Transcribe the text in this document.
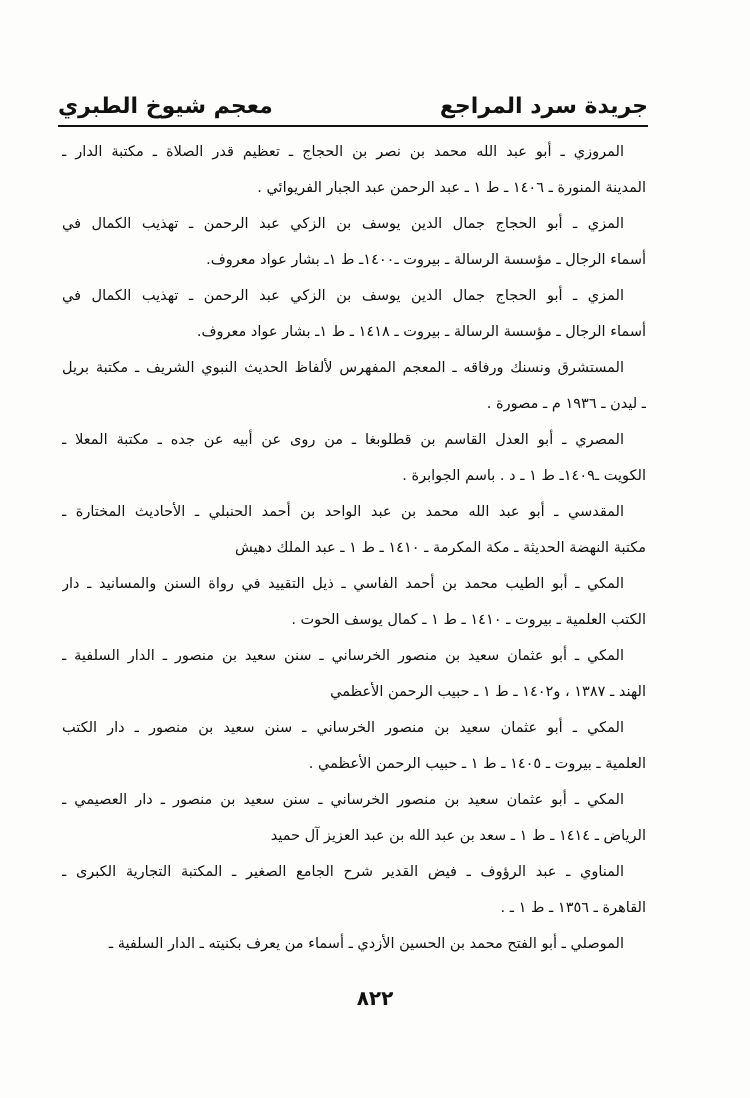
جريدة سرد المراجع
معجم شيوخ الطبري
المروزي ـ أبو عبد الله محمد بن نصر بن الحجاج ـ تعظيم قدر الصلاة ـ مكتبة الدار ـ
المدينة المنورة ـ ١٤٠٦ ـ ط ١ ـ عبد الرحمن عبد الجبار الفريوائي .
المزي ـ أبو الحجاج جمال الدين يوسف بن الزكي عبد الرحمن ـ تهذيب الكمال في
أسماء الرجال ـ مؤسسة الرسالة ـ بيروت ـ١٤٠٠ـ ط ١ـ بشار عواد معروف.
المزي ـ أبو الحجاج جمال الدين يوسف بن الزكي عبد الرحمن ـ تهذيب الكمال في
أسماء الرجال ـ مؤسسة الرسالة ـ بيروت ـ ١٤١٨ ـ ط ١ـ بشار عواد معروف.
المستشرق ونسنك ورفاقه ـ المعجم المفهرس لألفاظ الحديث النبوي الشريف ـ مكتبة بريل
ـ ليدن ـ ١٩٣٦ م ـ مصورة .
المصري ـ أبو العدل القاسم بن قطلوبغا ـ من روى عن أبيه عن جده ـ مكتبة المعلا ـ
الكويت ـ١٤٠٩ـ ط ١ ـ د . باسم الجوابرة .
المقدسي ـ أبو عبد الله محمد بن عبد الواحد بن أحمد الحنبلي ـ الأحاديث المختارة ـ
مكتبة النهضة الحديثة ـ مكة المكرمة ـ ١٤١٠ ـ ط ١ ـ عبد الملك دهيش
المكي ـ أبو الطيب محمد بن أحمد الفاسي ـ ذيل التقييد في رواة السنن والمسانيد ـ دار
الكتب العلمية ـ بيروت ـ ١٤١٠ ـ ط ١ ـ كمال يوسف الحوت .
المكي ـ أبو عثمان سعيد بن منصور الخرساني ـ سنن سعيد بن منصور ـ الدار السلفية ـ
الهند ـ ١٣٨٧ ، و١٤٠٢ ـ ط ١ ـ حبيب الرحمن الأعظمي
المكي ـ أبو عثمان سعيد بن منصور الخرساني ـ سنن سعيد بن منصور ـ دار الكتب
العلمية ـ بيروت ـ ١٤٠٥ ـ ط ١ ـ حبيب الرحمن الأعظمي .
المكي ـ أبو عثمان سعيد بن منصور الخرساني ـ سنن سعيد بن منصور ـ دار العصيمي ـ
الرياض ـ ١٤١٤ ـ ط ١ ـ سعد بن عبد الله بن عبد العزيز آل حميد
المناوي ـ عبد الرؤوف ـ فيض القدير شرح الجامع الصغير ـ المكتبة التجارية الكبرى ـ
القاهرة ـ ١٣٥٦ ـ ط ١ ـ .
الموصلي ـ أبو الفتح محمد بن الحسين الأزدي ـ أسماء من يعرف بكنيته ـ الدار السلفية ـ
٨٢٢
